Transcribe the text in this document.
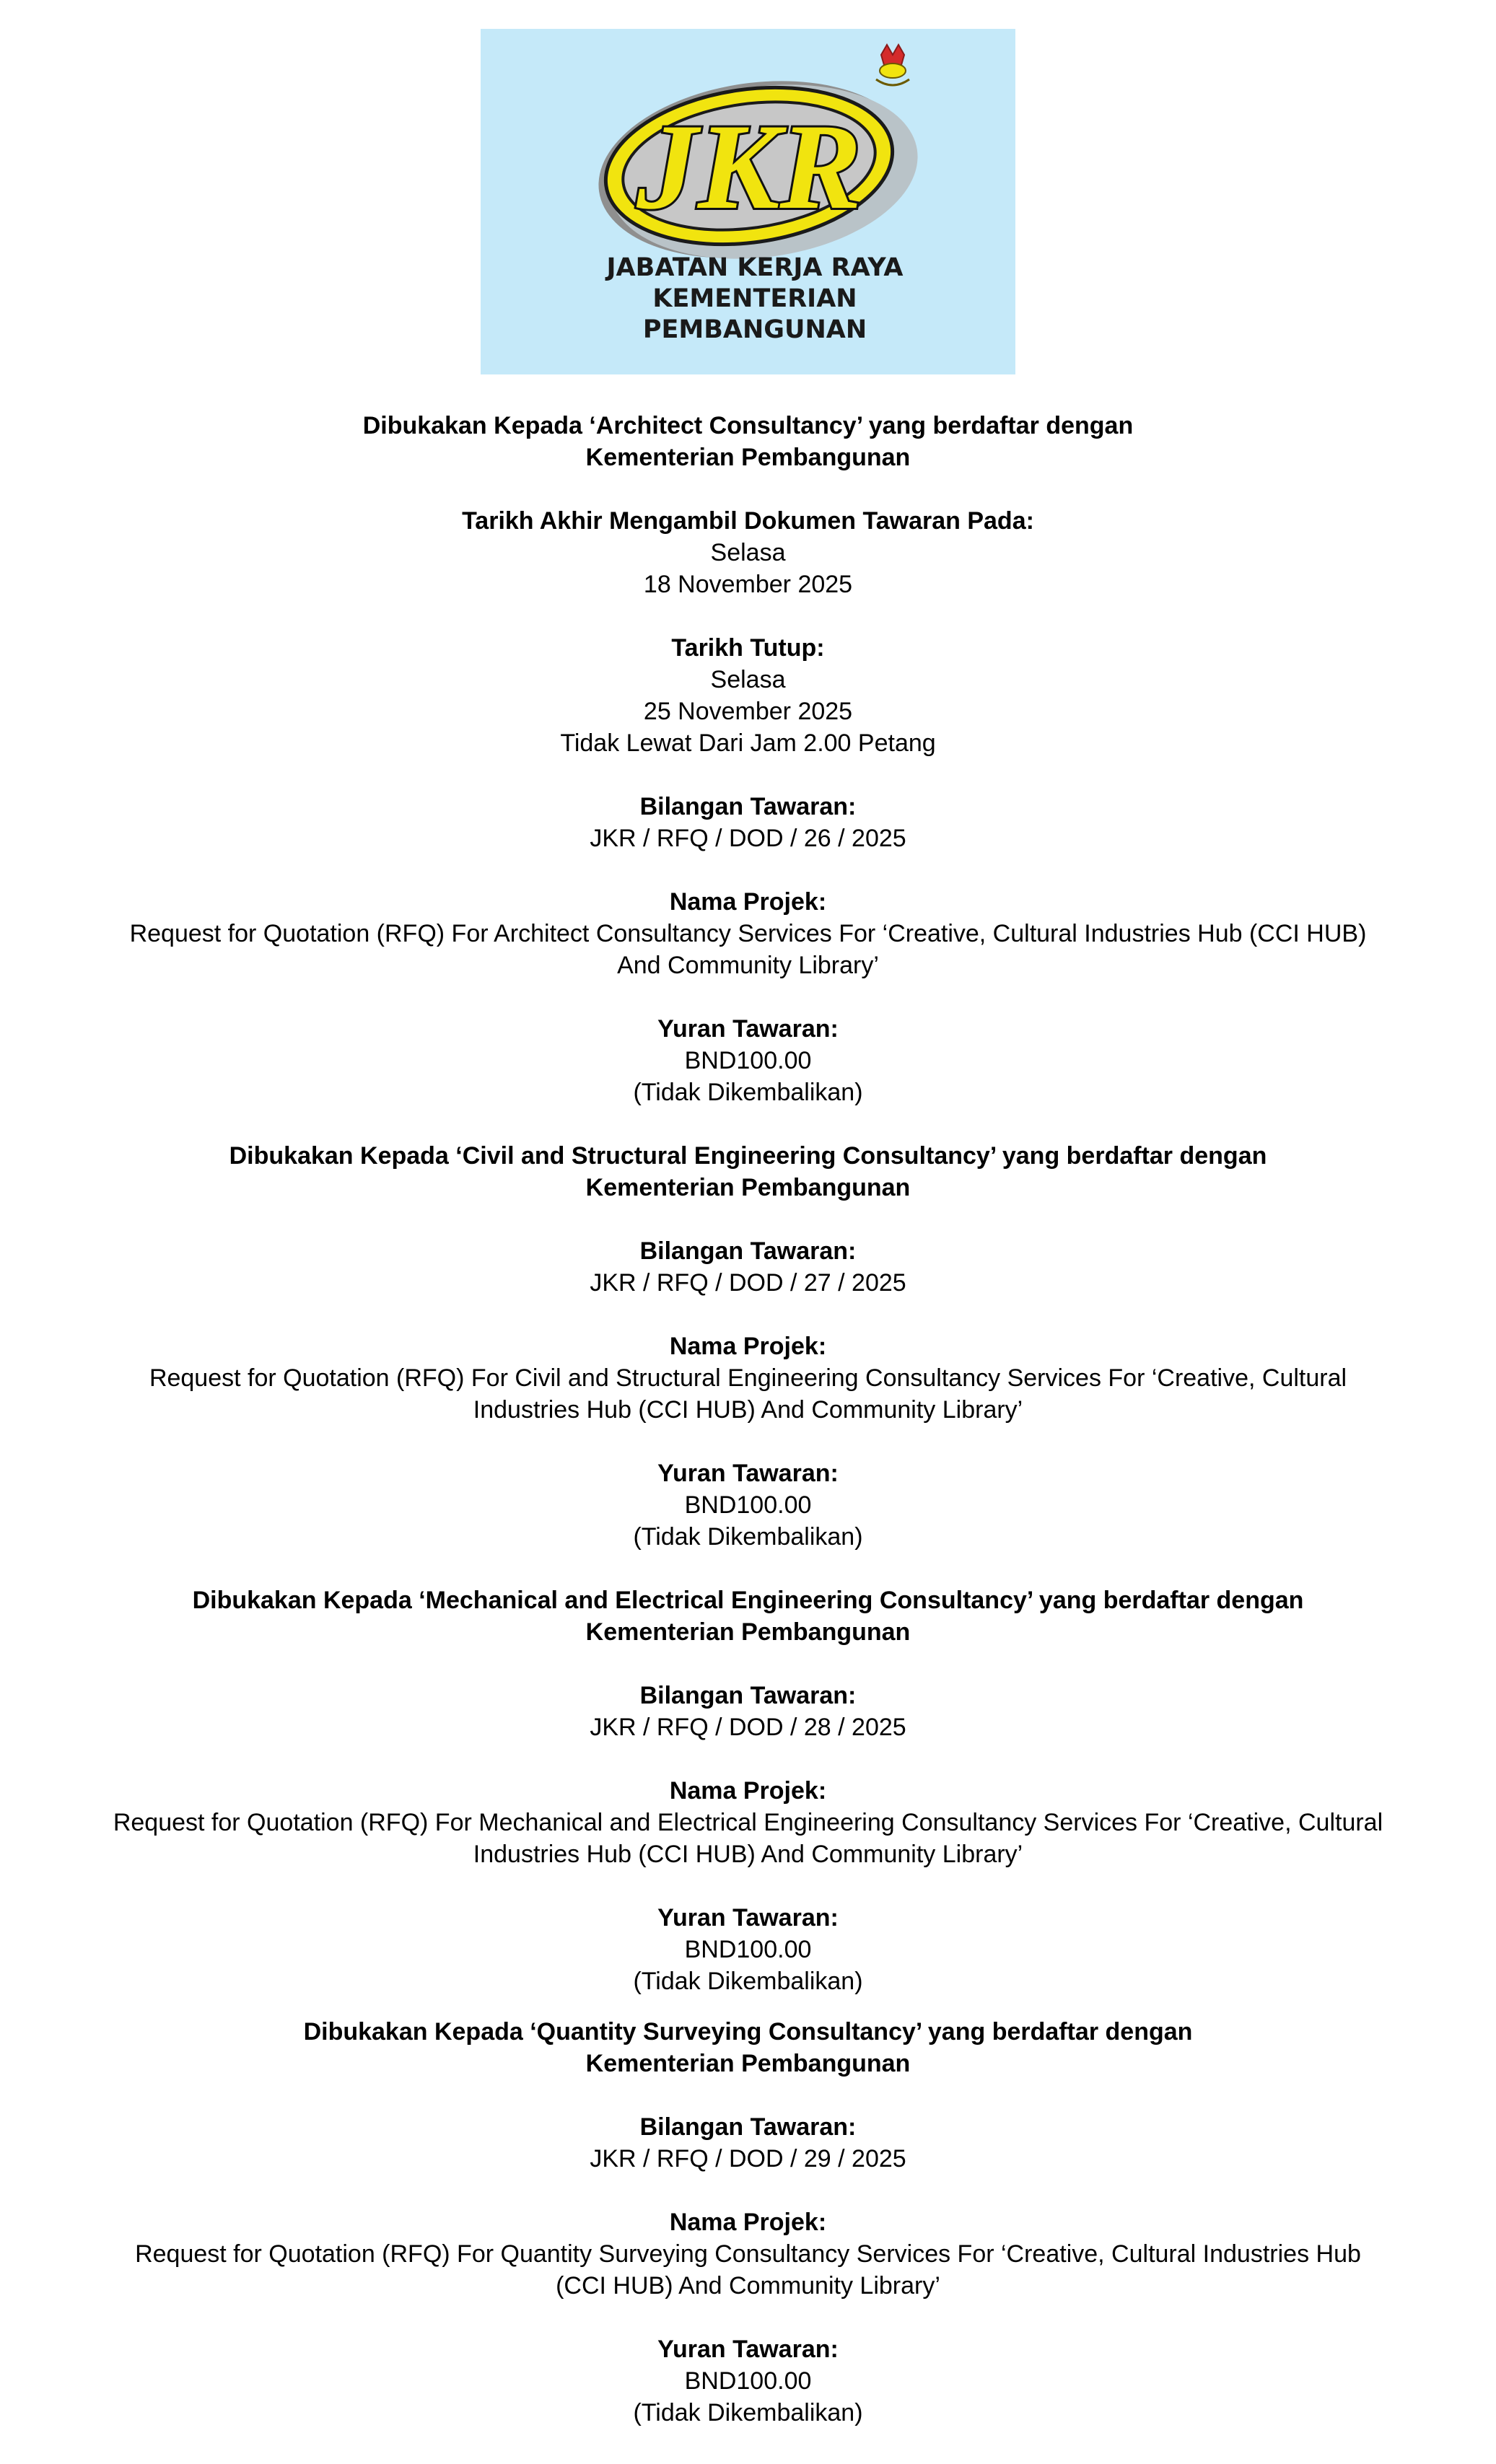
JKR
JABATAN KERJA RAYA
KEMENTERIAN
PEMBANGUNAN
Dibukakan Kepada ‘Architect Consultancy’ yang berdaftar dengan
Kementerian Pembangunan
Tarikh Akhir Mengambil Dokumen Tawaran Pada:
Selasa
18 November 2025
Tarikh Tutup:
Selasa
25 November 2025
Tidak Lewat Dari Jam 2.00 Petang
Bilangan Tawaran:
JKR / RFQ / DOD / 26 / 2025
Nama Projek:
Request for Quotation (RFQ) For Architect Consultancy Services For ‘Creative, Cultural Industries Hub (CCI HUB)
And Community Library’
Yuran Tawaran:
BND100.00
(Tidak Dikembalikan)
Dibukakan Kepada ‘Civil and Structural Engineering Consultancy’ yang berdaftar dengan
Kementerian Pembangunan
Bilangan Tawaran:
JKR / RFQ / DOD / 27 / 2025
Nama Projek:
Request for Quotation (RFQ) For Civil and Structural Engineering Consultancy Services For ‘Creative, Cultural
Industries Hub (CCI HUB) And Community Library’
Yuran Tawaran:
BND100.00
(Tidak Dikembalikan)
Dibukakan Kepada ‘Mechanical and Electrical Engineering Consultancy’ yang berdaftar dengan
Kementerian Pembangunan
Bilangan Tawaran:
JKR / RFQ / DOD / 28 / 2025
Nama Projek:
Request for Quotation (RFQ) For Mechanical and Electrical Engineering Consultancy Services For ‘Creative, Cultural
Industries Hub (CCI HUB) And Community Library’
Yuran Tawaran:
BND100.00
(Tidak Dikembalikan)
Dibukakan Kepada ‘Quantity Surveying Consultancy’ yang berdaftar dengan
Kementerian Pembangunan
Bilangan Tawaran:
JKR / RFQ / DOD / 29 / 2025
Nama Projek:
Request for Quotation (RFQ) For Quantity Surveying Consultancy Services For ‘Creative, Cultural Industries Hub
(CCI HUB) And Community Library’
Yuran Tawaran:
BND100.00
(Tidak Dikembalikan)
